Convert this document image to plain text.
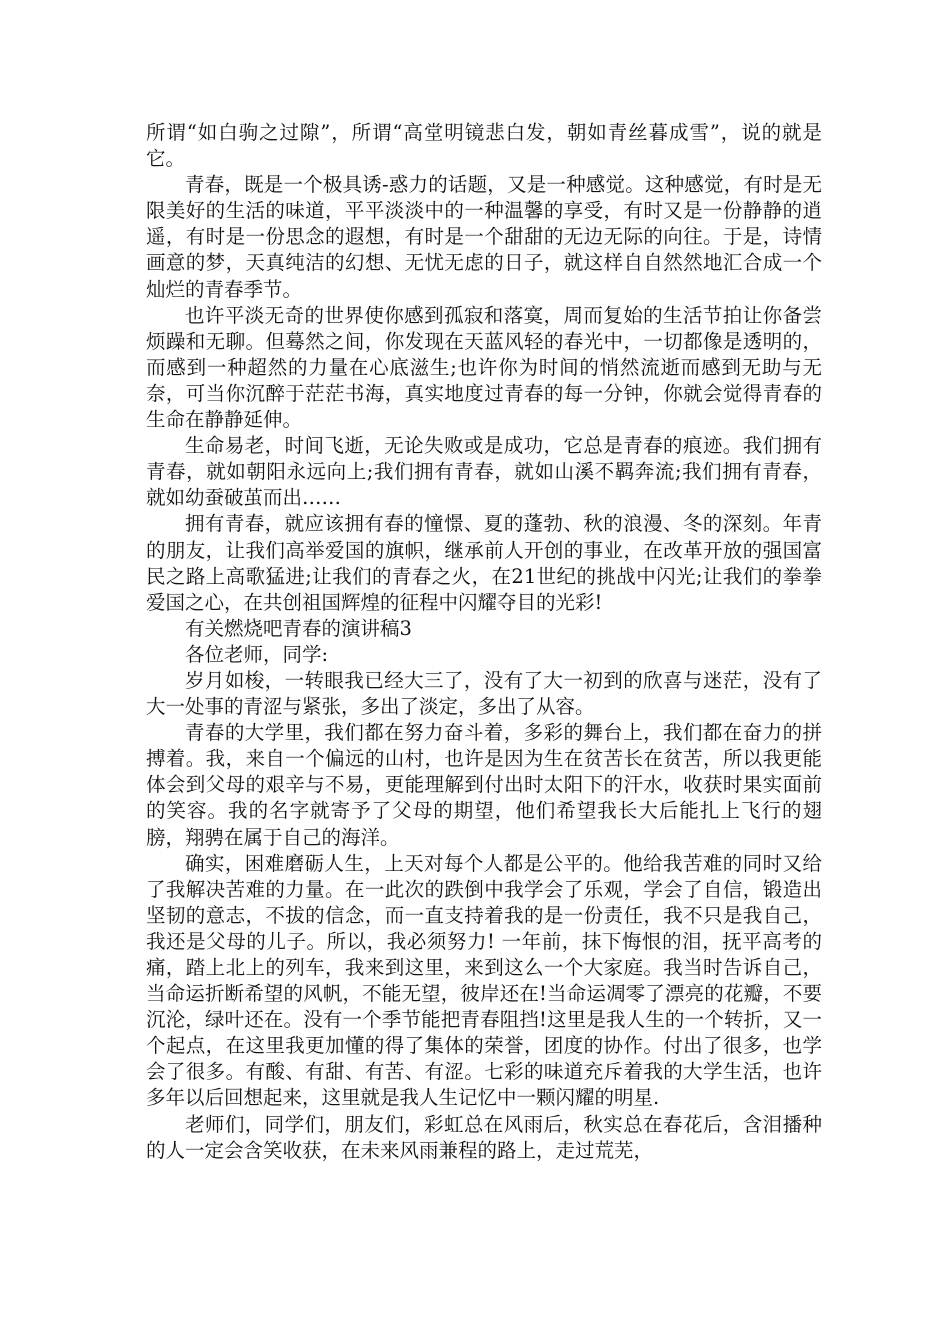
所谓“如白驹之过隙”，所谓“高堂明镜悲白发，朝如青丝暮成雪”，说的就是它。

青春，既是一个极具诱-惑力的话题，又是一种感觉。这种感觉，有时是无限美好的生活的味道，平平淡淡中的一种温馨的享受，有时又是一份静静的逍遥，有时是一份思念的遐想，有时是一个甜甜的无边无际的向往。于是，诗情画意的梦，天真纯洁的幻想、无忧无虑的日子，就这样自自然然地汇合成一个灿烂的青春季节。

也许平淡无奇的世界使你感到孤寂和落寞，周而复始的生活节拍让你备尝烦躁和无聊。但蓦然之间，你发现在天蓝风轻的春光中，一切都像是透明的，而感到一种超然的力量在心底滋生;也许你为时间的悄然流逝而感到无助与无奈，可当你沉醉于茫茫书海，真实地度过青春的每一分钟，你就会觉得青春的生命在静静延伸。

生命易老，时间飞逝，无论失败或是成功，它总是青春的痕迹。我们拥有青春，就如朝阳永远向上;我们拥有青春，就如山溪不羁奔流;我们拥有青春，就如幼蚕破茧而出……

拥有青春，就应该拥有春的憧憬、夏的蓬勃、秋的浪漫、冬的深刻。年青的朋友，让我们高举爱国的旗帜，继承前人开创的事业，在改革开放的强国富民之路上高歌猛进;让我们的青春之火，在21世纪的挑战中闪光;让我们的拳拳爱国之心，在共创祖国辉煌的征程中闪耀夺目的光彩!

有关燃烧吧青春的演讲稿3

各位老师，同学:

岁月如梭，一转眼我已经大三了，没有了大一初到的欣喜与迷茫，没有了大一处事的青涩与紧张，多出了淡定，多出了从容。

青春的大学里，我们都在努力奋斗着，多彩的舞台上，我们都在奋力的拼搏着。我，来自一个偏远的山村，也许是因为生在贫苦长在贫苦，所以我更能体会到父母的艰辛与不易，更能理解到付出时太阳下的汗水，收获时果实面前的笑容。我的名字就寄予了父母的期望，他们希望我长大后能扎上飞行的翅膀，翔骋在属于自己的海洋。

确实，困难磨砺人生，上天对每个人都是公平的。他给我苦难的同时又给了我解决苦难的力量。在一此次的跌倒中我学会了乐观，学会了自信，锻造出坚韧的意志，不拔的信念，而一直支持着我的是一份责任，我不只是我自己，我还是父母的儿子。所以，我必须努力! 一年前，抹下悔恨的泪，抚平高考的痛，踏上北上的列车，我来到这里，来到这么一个大家庭。我当时告诉自己，当命运折断希望的风帆，不能无望，彼岸还在!当命运凋零了漂亮的花瓣，不要沉沦，绿叶还在。没有一个季节能把青春阻挡!这里是我人生的一个转折，又一个起点，在这里我更加懂的得了集体的荣誉，团度的协作。付出了很多，也学会了很多。有酸、有甜、有苦、有涩。七彩的味道充斥着我的大学生活，也许多年以后回想起来，这里就是我人生记忆中一颗闪耀的明星.

老师们，同学们，朋友们，彩虹总在风雨后，秋实总在春花后，含泪播种的人一定会含笑收获，在未来风雨兼程的路上，走过荒芜，
